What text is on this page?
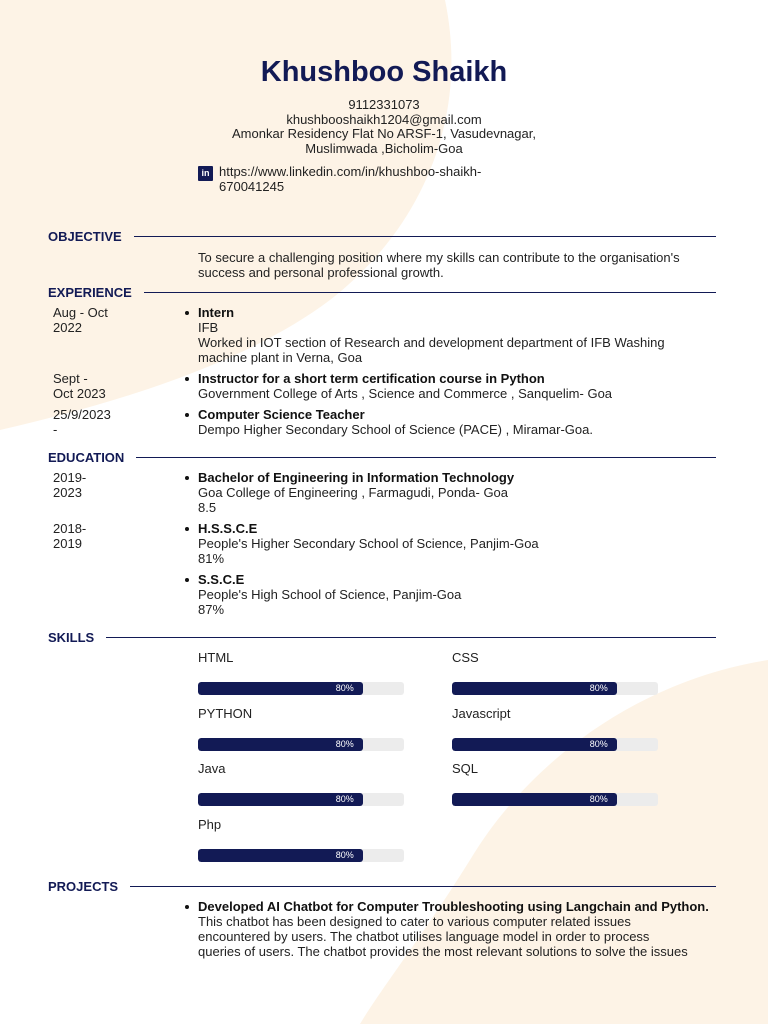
Khushboo Shaikh
9112331073
khushbooshaikh1204@gmail.com
Amonkar Residency Flat No ARSF-1, Vasudevnagar,
Muslimwada ,Bicholim-Goa
in https://www.linkedin.com/in/khushboo-shaikh-
670041245
OBJECTIVE
To secure a challenging position where my skills can contribute to the organisation's
success and personal professional growth.
EXPERIENCE
Aug - Oct
2022
Intern
IFB
Worked in IOT section of Research and development department of IFB Washing
machine plant in Verna, Goa
Sept -
Oct 2023
Instructor for a short term certification course in Python
Government College of Arts , Science and Commerce , Sanquelim- Goa
25/9/2023
-
Computer Science Teacher
Dempo Higher Secondary School of Science (PACE) , Miramar-Goa.
EDUCATION
2019-
2023
Bachelor of Engineering in Information Technology
Goa College of Engineering , Farmagudi, Ponda- Goa
8.5
2018-
2019
H.S.S.C.E
People's Higher Secondary School of Science, Panjim-Goa
81%
S.S.C.E
People's High School of Science, Panjim-Goa
87%
SKILLS
HTML
80%
CSS
80%
PYTHON
80%
Javascript
80%
Java
80%
SQL
80%
Php
80%
PROJECTS
Developed AI Chatbot for Computer Troubleshooting using Langchain and Python.
This chatbot has been designed to cater to various computer related issues
encountered by users. The chatbot utilises language model in order to process
queries of users. The chatbot provides the most relevant solutions to solve the issues
